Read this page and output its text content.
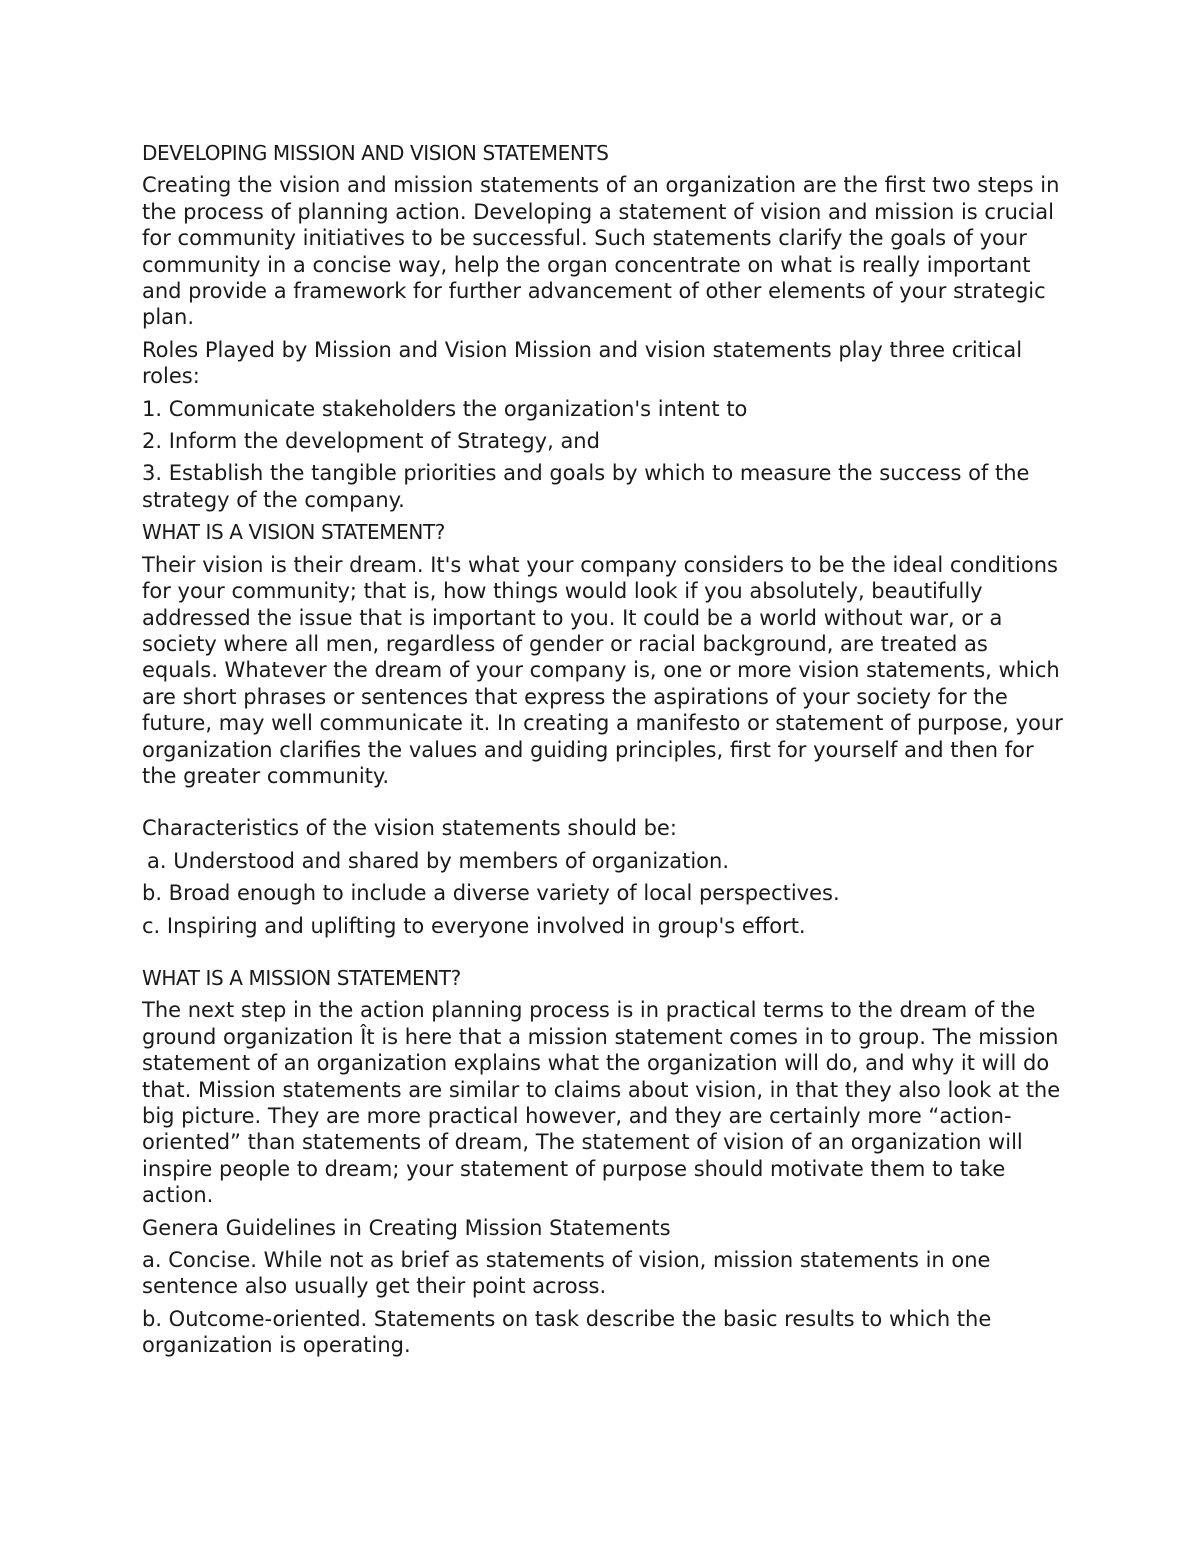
DEVELOPING MISSION AND VISION STATEMENTS

Creating the vision and mission statements of an organization are the first two steps in the process of planning action. Developing a statement of vision and mission is crucial for community initiatives to be successful. Such statements clarify the goals of your community in a concise way, help the organ concentrate on what is really important and provide a framework for further advancement of other elements of your strategic plan.

Roles Played by Mission and Vision Mission and vision statements play three critical roles:

1. Communicate stakeholders the organization's intent to

2. Inform the development of Strategy, and

3. Establish the tangible priorities and goals by which to measure the success of the strategy of the company.

WHAT IS A VISION STATEMENT?

Their vision is their dream. It's what your company considers to be the ideal conditions for your community; that is, how things would look if you absolutely, beautifully addressed the issue that is important to you. It could be a world without war, or a society where all men, regardless of gender or racial background, are treated as equals. Whatever the dream of your company is, one or more vision statements, which are short phrases or sentences that express the aspirations of your society for the future, may well communicate it. In creating a manifesto or statement of purpose, your organization clarifies the values and guiding principles, first for yourself and then for the greater community.

Characteristics of the vision statements should be:

a. Understood and shared by members of organization.

b. Broad enough to include a diverse variety of local perspectives.

c. Inspiring and uplifting to everyone involved in group's effort.

WHAT IS A MISSION STATEMENT?

The next step in the action planning process is in practical terms to the dream of the ground organization Ît is here that a mission statement comes in to group. The mission statement of an organization explains what the organization will do, and why it will do that. Mission statements are similar to claims about vision, in that they also look at the big picture. They are more practical however, and they are certainly more “action-oriented” than statements of dream, The statement of vision of an organization will inspire people to dream; your statement of purpose should motivate them to take action.

Genera Guidelines in Creating Mission Statements

a. Concise. While not as brief as statements of vision, mission statements in one sentence also usually get their point across.

b. Outcome-oriented. Statements on task describe the basic results to which the organization is operating.
